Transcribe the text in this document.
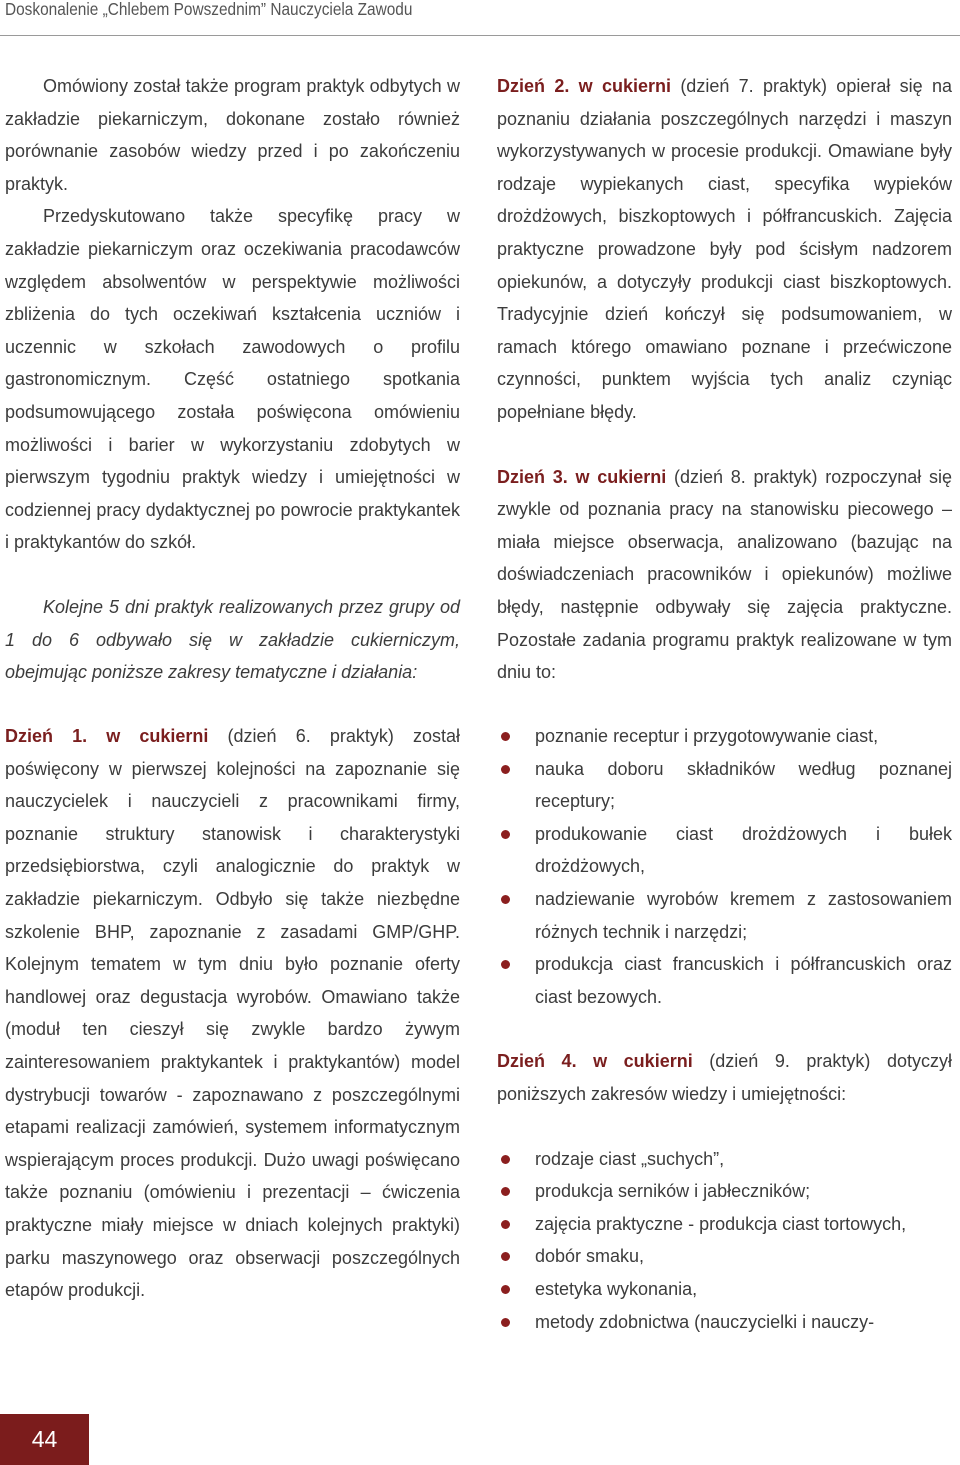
Doskonalenie „Chlebem Powszednim” Nauczyciela Zawodu

Omówiony został także program praktyk odbytych w zakładzie piekarniczym, dokonane zostało również porównanie zasobów wiedzy przed i po zakończeniu praktyk.

Przedyskutowano także specyfikę pracy w zakładzie piekarniczym oraz oczekiwania pracodawców względem absolwentów w perspektywie możliwości zbliżenia do tych oczekiwań kształcenia uczniów i uczennic w szkołach zawodowych o profilu gastronomicznym. Część ostatniego spotkania podsumowującego została poświęcona omówieniu możliwości i barier w wykorzystaniu zdobytych w pierwszym tygodniu praktyk wiedzy i umiejętności w codziennej pracy dydaktycznej po powrocie praktykantek i praktykantów do szkół.

Kolejne 5 dni praktyk realizowanych przez grupy od 1 do 6 odbywało się w zakładzie cukierniczym, obejmując poniższe zakresy tematyczne i działania:

Dzień 1. w cukierni (dzień 6. praktyk) został poświęcony w pierwszej kolejności na zapoznanie się nauczycielek i nauczycieli z pracownikami firmy, poznanie struktury stanowisk i charakterystyki przedsiębiorstwa, czyli analogicznie do praktyk w zakładzie piekarniczym. Odbyło się także niezbędne szkolenie BHP, zapoznanie z zasadami GMP/GHP. Kolejnym tematem w tym dniu było poznanie oferty handlowej oraz degustacja wyrobów. Omawiano także (moduł ten cieszył się zwykle bardzo żywym zainteresowaniem praktykantek i praktykantów) model dystrybucji towarów - zapoznawano z poszczególnymi etapami realizacji zamówień, systemem informatycznym wspierającym proces produkcji. Dużo uwagi poświęcano także poznaniu (omówieniu i prezentacji – ćwiczenia praktyczne miały miejsce w dniach kolejnych praktyki) parku maszynowego oraz obserwacji poszczególnych etapów produkcji.

Dzień 2. w cukierni (dzień 7. praktyk) opierał się na poznaniu działania poszczególnych narzędzi i maszyn wykorzystywanych w procesie produkcji. Omawiane były rodzaje wypiekanych ciast, specyfika wypieków drożdżowych, biszkoptowych i półfrancuskich. Zajęcia praktyczne prowadzone były pod ścisłym nadzorem opiekunów, a dotyczyły produkcji ciast biszkoptowych. Tradycyjnie dzień kończył się podsumowaniem, w ramach którego omawiano poznane i przećwiczone czynności, punktem wyjścia tych analiz czyniąc popełniane błędy.

Dzień 3. w cukierni (dzień 8. praktyk) rozpoczynał się zwykle od poznania pracy na stanowisku piecowego – miała miejsce obserwacja, analizowano (bazując na doświadczeniach pracowników i opiekunów) możliwe błędy, następnie odbywały się zajęcia praktyczne. Pozostałe zadania programu praktyk realizowane w tym dniu to:

poznanie receptur i przygotowywanie ciast,
nauka doboru składników według poznanej receptury;
produkowanie ciast drożdżowych i bułek drożdżowych,
nadziewanie wyrobów kremem z zastosowaniem różnych technik i narzędzi;
produkcja ciast francuskich i półfrancuskich oraz ciast bezowych.

Dzień 4. w cukierni (dzień 9. praktyk) dotyczył poniższych zakresów wiedzy i umiejętności:

rodzaje ciast „suchych”,
produkcja serników i jabłeczników;
zajęcia praktyczne - produkcja ciast tortowych,
dobór smaku,
estetyka wykonania,
metody zdobnictwa (nauczycielki i nauczy-
44
